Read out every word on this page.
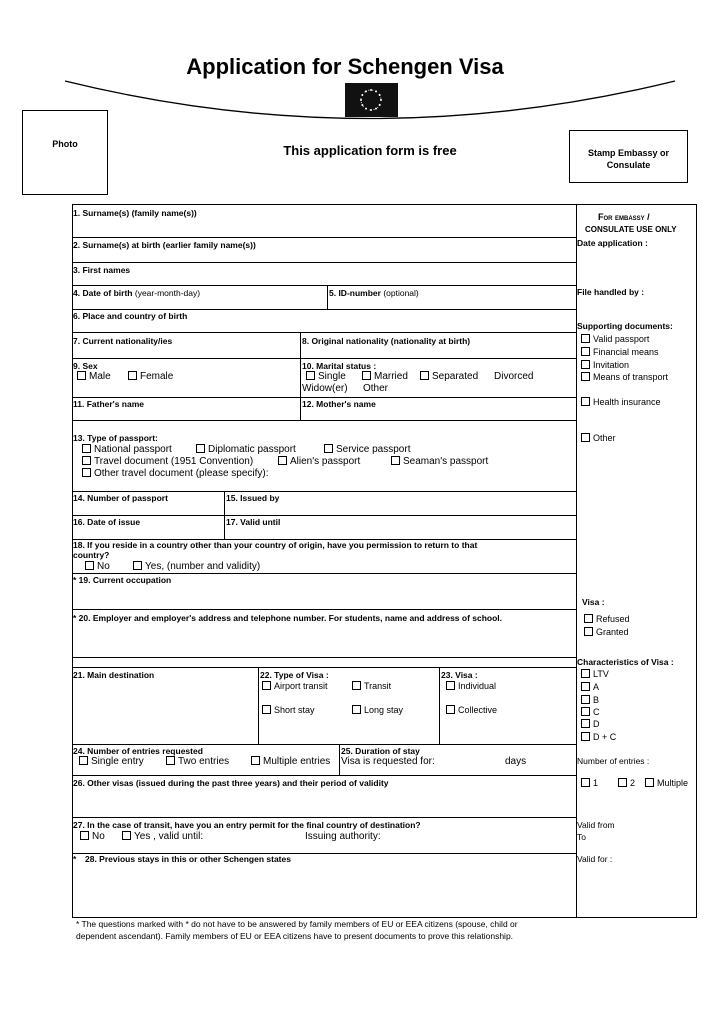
Application for Schengen Visa
Photo	This application form is free	Stamp Embassy or
Consulate
1. Surname(s) (family name(s))
2. Surname(s) at birth (earlier family name(s))
3. First names
4. Date of birth (year-month-day)	5. ID-number (optional)
6. Place and country of birth
7. Current nationality/ies	8. Original nationality (nationality at birth)
9. Sex
Male	Female
10. Marital status :
Single	Married	Separated Divorced
Widow(er) Other
11. Father's name	12. Mother's name
13. Type of passport:
National passport	Diplomatic passport	Service passport
Travel document (1951 Convention)	Alien's passport	Seaman's passport
Other travel document (please specify):
14. Number of passport	15. Issued by
16. Date of issue	17. Valid until
18. If you reside in a country other than your country of origin, have you permission to return to that
country?
No	Yes, (number and validity)
* 19. Current occupation
* 20. Employer and employer's address and telephone number. For students, name and address of school.
21. Main destination	22. Type of Visa :
Airport transit	Transit
Short stay	Long stay
23. Visa :
Individual
Collective
24. Number of entries requested
Single entry	Two entries	Multiple entries
25. Duration of stay
Visa is requested for:	days
26. Other visas (issued during the past three years) and their period of validity
27. In the case of transit, have you an entry permit for the final country of destination?
No	Yes , valid until:	Issuing authority:
* 28. Previous stays in this or other Schengen states
For embassy /
CONSULATE USE ONLY
Date application :
File handled by :
Supporting documents:
Valid passport
Financial means
Invitation
Means of transport
Health insurance
Other
Visa :
Refused
Granted
Characteristics of Visa :
LTV
A
B
C
D
D + C
Number of entries :
1	2	Multiple
Valid from
To
Valid for :
* The questions marked with * do not have to be answered by family members of EU or EEA citizens (spouse, child or
dependent ascendant). Family members of EU or EEA citizens have to present documents to prove this relationship.
